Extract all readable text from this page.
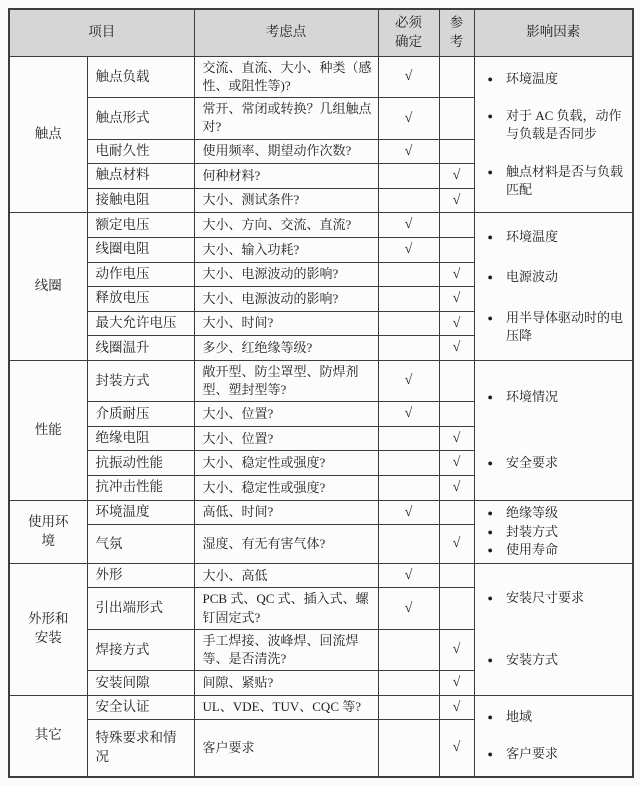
项目		考虑点	必须确定	参考	影响因素
触点	触点负载	交流、直流、大小、种类（感性、或阻性等)?	√		● 环境温度
● 对于 AC 负载，动作与负载是否同步
● 触点材料是否与负载匹配

	触点形式	常开、常闭或转换？几组触点对?	√		
	电耐久性	使用频率、期望动作次数?	√		
	触点材料	何种材料?		√	
	接触电阻	大小、测试条件?		√	
线圈	额定电压	大小、方向、交流、直流?	√		
● 环境温度
● 电源波动
● 用半导体驱动时的电压降

	线圈电阻	大小、输入功耗?	√		
	动作电压	大小、电源波动的影响?		√	
	释放电压	大小、电源波动的影响?		√	
	最大允许电压	大小、时间?		√	
	线圈温升	多少、红绝缘等级?		√	
性能	封装方式	敞开型、防尘罩型、防焊剂型、塑封型等?	√		● 环境情况
● 安全要求

	介质耐压	大小、位置?	√		
	绝缘电阻	大小、位置?		√	
	抗振动性能	大小、稳定性或强度?		√	
	抗冲击性能	大小、稳定性或强度?		√	
使用环境	环境温度	高低、时间?	√		● 绝缘等级
● 封装方式
● 使用寿命

	气氛	湿度、有无有害气体?		√	
外形和安装	外形	大小、高低	√		● 安装尺寸要求
● 安装方式

	引出端形式	PCB 式、QC 式、插入式、螺钉固定式?	√		
	焊接方式	手工焊接、波峰焊、回流焊等、是否清洗?		√	
	安装间隙	间隙、紧贴?		√	
其它	安全认证	UL、VDE、TUV、CQC 等?		√	● 地域
● 客户要求

	特殊要求和情况	客户要求		√	
